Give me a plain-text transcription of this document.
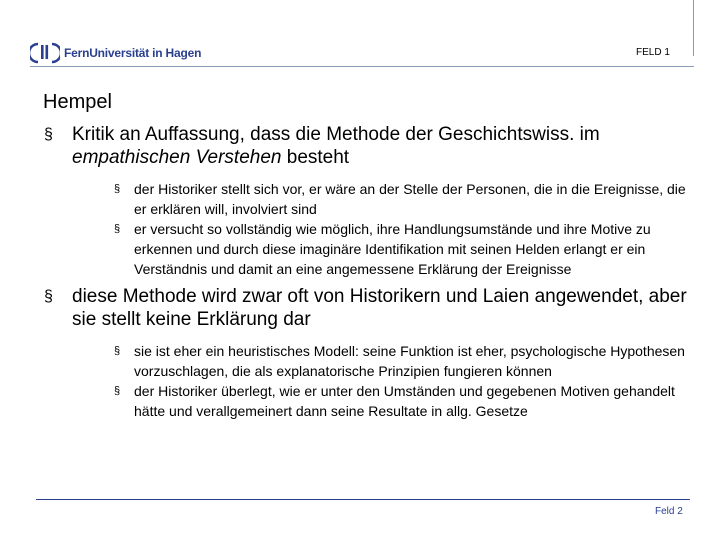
FernUniversität in Hagen	FELD 1
Hempel
§ Kritik an Auffassung, dass die Methode der Geschichtswiss. im empathischen Verstehen besteht
§ der Historiker stellt sich vor, er wäre an der Stelle der Personen, die in die Ereignisse, die er erklären will, involviert sind
§ er versucht so vollständig wie möglich, ihre Handlungsumstände und ihre Motive zu erkennen und durch diese imaginäre Identifikation mit seinen Helden erlangt er ein Verständnis und damit an eine angemessene Erklärung der Ereignisse
§ diese Methode wird zwar oft von Historikern und Laien angewendet, aber sie stellt keine Erklärung dar
§ sie ist eher ein heuristisches Modell: seine Funktion ist eher, psychologische Hypothesen vorzuschlagen, die als explanatorische Prinzipien fungieren können
§ der Historiker überlegt, wie er unter den Umständen und gegebenen Motiven gehandelt hätte und verallgemeinert dann seine Resultate in allg. Gesetze
Feld 2
